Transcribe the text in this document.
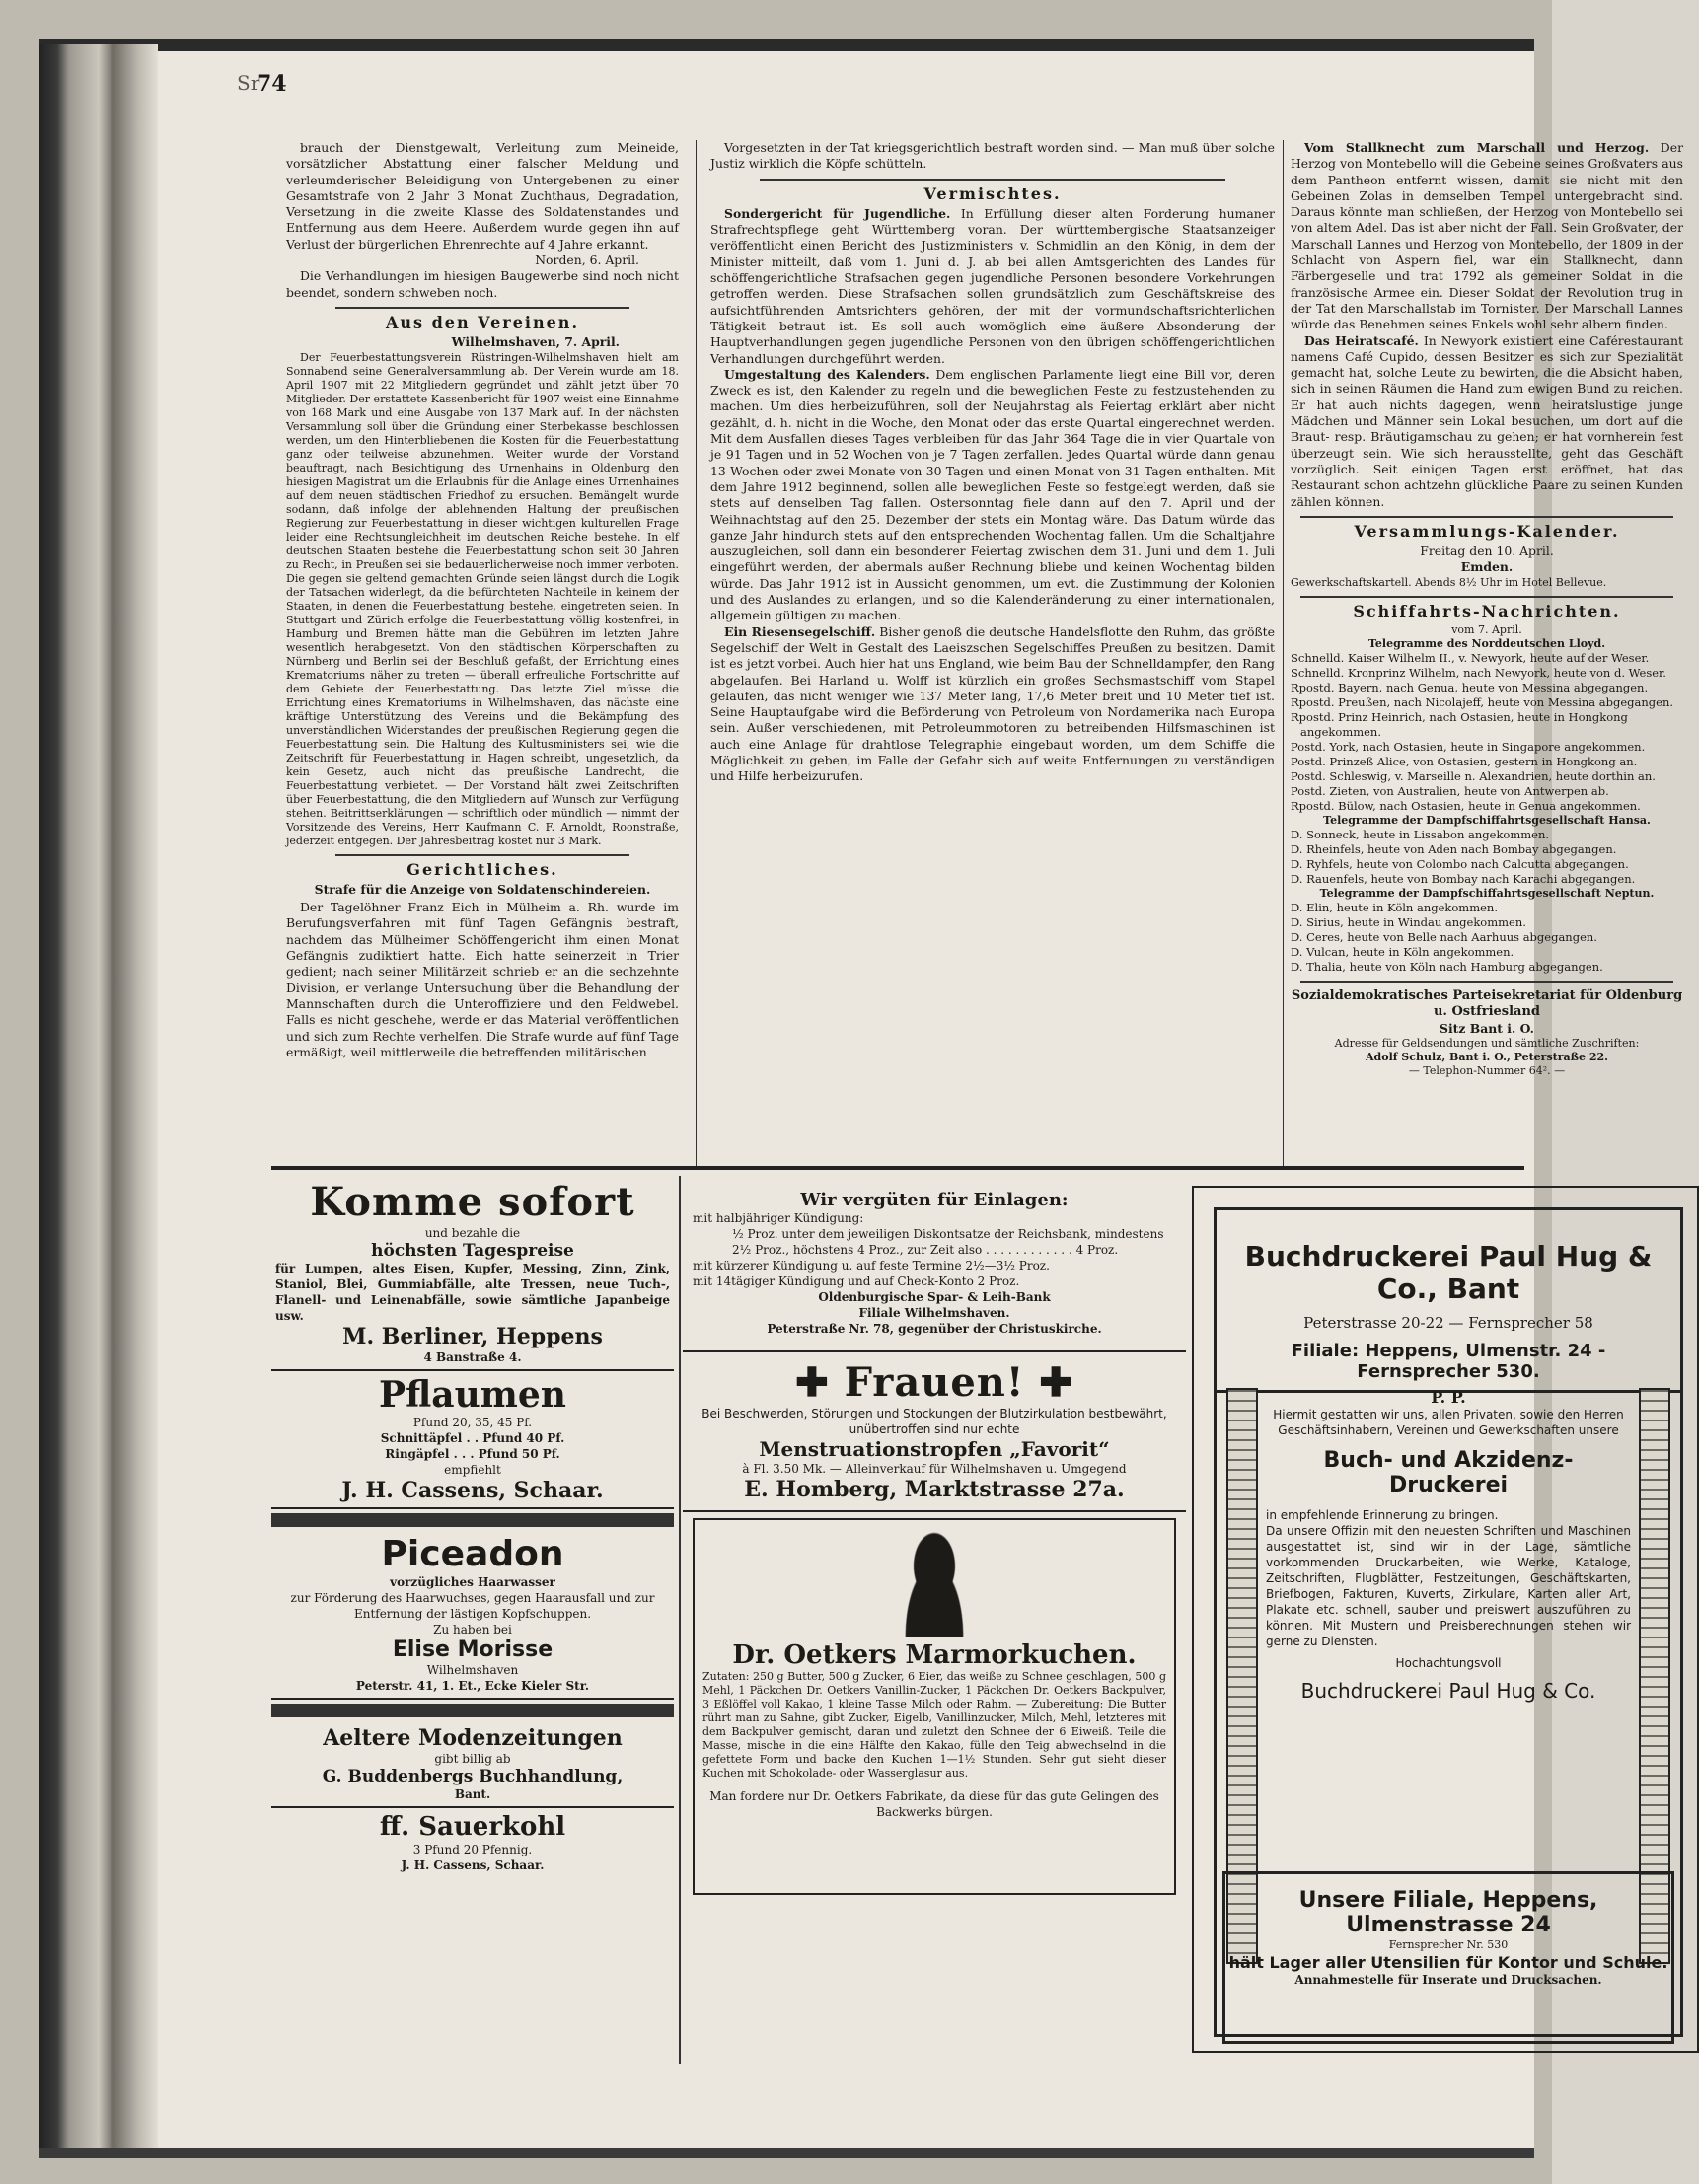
Sr
74

brauch der Dienstgewalt, Verleitung zum Meineide, vorsätzlicher Abstattung einer falscher Meldung und verleumderischer Beleidigung von Untergebenen zu einer Gesamtstrafe von 2 Jahr 3 Monat Zuchthaus, Degradation, Versetzung in die zweite Klasse des Soldatenstandes und Entfernung aus dem Heere. Außerdem wurde gegen ihn auf Verlust der bürgerlichen Ehrenrechte auf 4 Jahre erkannt.

Norden, 6. April.

Die Verhandlungen im hiesigen Baugewerbe sind noch nicht beendet, sondern schweben noch.

Aus den Vereinen.
Wilhelmshaven, 7. April.

Der Feuerbestattungsverein Rüstringen-Wilhelmshaven hielt am Sonnabend seine Generalversammlung ab. Der Verein wurde am 18. April 1907 mit 22 Mitgliedern gegründet und zählt jetzt über 70 Mitglieder. Der erstattete Kassenbericht für 1907 weist eine Einnahme von 168 Mark und eine Ausgabe von 137 Mark auf. In der nächsten Versammlung soll über die Gründung einer Sterbekasse beschlossen werden, um den Hinterbliebenen die Kosten für die Feuerbestattung ganz oder teilweise abzunehmen. Weiter wurde der Vorstand beauftragt, nach Besichtigung des Urnenhains in Oldenburg den hiesigen Magistrat um die Erlaubnis für die Anlage eines Urnenhaines auf dem neuen städtischen Friedhof zu ersuchen. Bemängelt wurde sodann, daß infolge der ablehnenden Haltung der preußischen Regierung zur Feuerbestattung in dieser wichtigen kulturellen Frage leider eine Rechtsungleichheit im deutschen Reiche bestehe. In elf deutschen Staaten bestehe die Feuerbestattung schon seit 30 Jahren zu Recht, in Preußen sei sie bedauerlicherweise noch immer verboten. Die gegen sie geltend gemachten Gründe seien längst durch die Logik der Tatsachen widerlegt, da die befürchteten Nachteile in keinem der Staaten, in denen die Feuerbestattung bestehe, eingetreten seien. In Stuttgart und Zürich erfolge die Feuerbestattung völlig kostenfrei, in Hamburg und Bremen hätte man die Gebühren im letzten Jahre wesentlich herabgesetzt. Von den städtischen Körperschaften zu Nürnberg und Berlin sei der Beschluß gefaßt, der Errichtung eines Krematoriums näher zu treten — überall erfreuliche Fortschritte auf dem Gebiete der Feuerbestattung. Das letzte Ziel müsse die Errichtung eines Krematoriums in Wilhelmshaven, das nächste eine kräftige Unterstützung des Vereins und die Bekämpfung des unverständlichen Widerstandes der preußischen Regierung gegen die Feuerbestattung sein. Die Haltung des Kultusministers sei, wie die Zeitschrift für Feuerbestattung in Hagen schreibt, ungesetzlich, da kein Gesetz, auch nicht das preußische Landrecht, die Feuerbestattung verbietet. — Der Vorstand hält zwei Zeitschriften über Feuerbestattung, die den Mitgliedern auf Wunsch zur Verfügung stehen. Beitrittserklärungen — schriftlich oder mündlich — nimmt der Vorsitzende des Vereins, Herr Kaufmann C. F. Arnoldt, Roonstraße, jederzeit entgegen. Der Jahresbeitrag kostet nur 3 Mark.

Gerichtliches.
Strafe für die Anzeige von Soldatenschindereien.

Der Tagelöhner Franz Eich in Mülheim a. Rh. wurde im Berufungsverfahren mit fünf Tagen Gefängnis bestraft, nachdem das Mülheimer Schöffengericht ihm einen Monat Gefängnis zudiktiert hatte. Eich hatte seinerzeit in Trier gedient; nach seiner Militärzeit schrieb er an die sechzehnte Division, er verlange Untersuchung über die Behandlung der Mannschaften durch die Unteroffiziere und den Feldwebel. Falls es nicht geschehe, werde er das Material veröffentlichen und sich zum Rechte verhelfen. Die Strafe wurde auf fünf Tage ermäßigt, weil mittlerweile die betreffenden militärischen

Vorgesetzten in der Tat kriegsgerichtlich bestraft worden sind. — Man muß über solche Justiz wirklich die Köpfe schütteln.

Vermischtes.

Sondergericht für Jugendliche. In Erfüllung dieser alten Forderung humaner Strafrechtspflege geht Württemberg voran. Der württembergische Staatsanzeiger veröffentlicht einen Bericht des Justizministers v. Schmidlin an den König, in dem der Minister mitteilt, daß vom 1. Juni d. J. ab bei allen Amtsgerichten des Landes für schöffengerichtliche Strafsachen gegen jugendliche Personen besondere Vorkehrungen getroffen werden. Diese Strafsachen sollen grundsätzlich zum Geschäftskreise des aufsichtführenden Amtsrichters gehören, der mit der vormundschaftsrichterlichen Tätigkeit betraut ist. Es soll auch womöglich eine äußere Absonderung der Hauptverhandlungen gegen jugendliche Personen von den übrigen schöffengerichtlichen Verhandlungen durchgeführt werden.

Umgestaltung des Kalenders. Dem englischen Parlamente liegt eine Bill vor, deren Zweck es ist, den Kalender zu regeln und die beweglichen Feste zu festzustehenden zu machen. Um dies herbeizuführen, soll der Neujahrstag als Feiertag erklärt aber nicht gezählt, d. h. nicht in die Woche, den Monat oder das erste Quartal eingerechnet werden. Mit dem Ausfallen dieses Tages verbleiben für das Jahr 364 Tage die in vier Quartale von je 91 Tagen und in 52 Wochen von je 7 Tagen zerfallen. Jedes Quartal würde dann genau 13 Wochen oder zwei Monate von 30 Tagen und einen Monat von 31 Tagen enthalten. Mit dem Jahre 1912 beginnend, sollen alle beweglichen Feste so festgelegt werden, daß sie stets auf denselben Tag fallen. Ostersonntag fiele dann auf den 7. April und der Weihnachtstag auf den 25. Dezember der stets ein Montag wäre. Das Datum würde das ganze Jahr hindurch stets auf den entsprechenden Wochentag fallen. Um die Schaltjahre auszugleichen, soll dann ein besonderer Feiertag zwischen dem 31. Juni und dem 1. Juli eingeführt werden, der abermals außer Rechnung bliebe und keinen Wochentag bilden würde. Das Jahr 1912 ist in Aussicht genommen, um evt. die Zustimmung der Kolonien und des Auslandes zu erlangen, und so die Kalenderänderung zu einer internationalen, allgemein gültigen zu machen.

Ein Riesensegelschiff. Bisher genoß die deutsche Handelsflotte den Ruhm, das größte Segelschiff der Welt in Gestalt des Laeiszschen Segelschiffes Preußen zu besitzen. Damit ist es jetzt vorbei. Auch hier hat uns England, wie beim Bau der Schnelldampfer, den Rang abgelaufen. Bei Harland u. Wolff ist kürzlich ein großes Sechsmastschiff vom Stapel gelaufen, das nicht weniger wie 137 Meter lang, 17,6 Meter breit und 10 Meter tief ist. Seine Hauptaufgabe wird die Beförderung von Petroleum von Nordamerika nach Europa sein. Außer verschiedenen, mit Petroleummotoren zu betreibenden Hilfsmaschinen ist auch eine Anlage für drahtlose Telegraphie eingebaut worden, um dem Schiffe die Möglichkeit zu geben, im Falle der Gefahr sich auf weite Entfernungen zu verständigen und Hilfe herbeizurufen.

Vom Stallknecht zum Marschall und Herzog. Der Herzog von Montebello will die Gebeine seines Großvaters aus dem Pantheon entfernt wissen, damit sie nicht mit den Gebeinen Zolas in demselben Tempel untergebracht sind. Daraus könnte man schließen, der Herzog von Montebello sei von altem Adel. Das ist aber nicht der Fall. Sein Großvater, der Marschall Lannes und Herzog von Montebello, der 1809 in der Schlacht von Aspern fiel, war ein Stallknecht, dann Färbergeselle und trat 1792 als gemeiner Soldat in die französische Armee ein. Dieser Soldat der Revolution trug in der Tat den Marschallstab im Tornister. Der Marschall Lannes würde das Benehmen seines Enkels wohl sehr albern finden.

Das Heiratscafé. In Newyork existiert eine Caférestaurant namens Café Cupido, dessen Besitzer es sich zur Spezialität gemacht hat, solche Leute zu bewirten, die die Absicht haben, sich in seinen Räumen die Hand zum ewigen Bund zu reichen. Er hat auch nichts dagegen, wenn heiratslustige junge Mädchen und Männer sein Lokal besuchen, um dort auf die Braut- resp. Bräutigamschau zu gehen; er hat vornherein fest überzeugt sein. Wie sich herausstellte, geht das Geschäft vorzüglich. Seit einigen Tagen erst eröffnet, hat das Restaurant schon achtzehn glückliche Paare zu seinen Kunden zählen können.

Versammlungs-Kalender.
Freitag den 10. April.
Emden.
Gewerkschaftskartell. Abends 8½ Uhr im Hotel Bellevue.
Schiffahrts-Nachrichten.
vom 7. April.
Telegramme des Norddeutschen Lloyd.
Schnelld. Kaiser Wilhelm II., v. Newyork, heute auf der Weser.
Schnelld. Kronprinz Wilhelm, nach Newyork, heute von d. Weser.
Rpostd. Bayern, nach Genua, heute von Messina abgegangen.
Rpostd. Preußen, nach Nicolajeff, heute von Messina abgegangen.
Rpostd. Prinz Heinrich, nach Ostasien, heute in Hongkong angekommen.
Postd. York, nach Ostasien, heute in Singapore angekommen.
Postd. Prinzeß Alice, von Ostasien, gestern in Hongkong an.
Postd. Schleswig, v. Marseille n. Alexandrien, heute dorthin an.
Postd. Zieten, von Australien, heute von Antwerpen ab.
Rpostd. Bülow, nach Ostasien, heute in Genua angekommen.
Telegramme der Dampfschiffahrtsgesellschaft Hansa.
D. Sonneck, heute in Lissabon angekommen.
D. Rheinfels, heute von Aden nach Bombay abgegangen.
D. Ryhfels, heute von Colombo nach Calcutta abgegangen.
D. Rauenfels, heute von Bombay nach Karachi abgegangen.
Telegramme der Dampfschiffahrtsgesellschaft Neptun.
D. Elin, heute in Köln angekommen.
D. Sirius, heute in Windau angekommen.
D. Ceres, heute von Belle nach Aarhuus abgegangen.
D. Vulcan, heute in Köln angekommen.
D. Thalia, heute von Köln nach Hamburg abgegangen.
Sozialdemokratisches Parteisekretariat für Oldenburg u. Ostfriesland
Sitz Bant i. O.
Adresse für Geldsendungen und sämtliche Zuschriften:
Adolf Schulz, Bant i. O., Peterstraße 22.
— Telephon-Nummer 64². —
Komme sofort
und bezahle die
höchsten Tagespreise
für Lumpen, altes Eisen, Kupfer, Messing, Zinn, Zink, Staniol, Blei, Gummiabfälle, alte Tressen, neue Tuch-, Flanell- und Leinenabfälle, sowie sämtliche Japanbeige usw.
M. Berliner, Heppens
4 Banstraße 4.
Pflaumen
Pfund 20, 35, 45 Pf.
Schnittäpfel . . Pfund 40 Pf.
Ringäpfel . . . Pfund 50 Pf.
empfiehlt
J. H. Cassens, Schaar.
Piceadon
vorzügliches Haarwasser
zur Förderung des Haarwuchses, gegen Haarausfall und zur Entfernung der lästigen Kopfschuppen.
Zu haben bei
Elise Morisse
Wilhelmshaven
Peterstr. 41, 1. Et., Ecke Kieler Str.
Aeltere Modenzeitungen
gibt billig ab
G. Buddenbergs Buchhandlung,
Bant.
ff. Sauerkohl
3 Pfund 20 Pfennig.
J. H. Cassens, Schaar.
Wir vergüten für Einlagen:
mit halbjähriger Kündigung:
½ Proz. unter dem jeweiligen Diskontsatze der Reichsbank, mindestens 2½ Proz., höchstens 4 Proz., zur Zeit also . . . . . . . . . . . . 4 Proz.
mit kürzerer Kündigung u. auf feste Termine 2½—3½ Proz.
mit 14tägiger Kündigung und auf Check-Konto 2 Proz.
Oldenburgische Spar- & Leih-Bank
Filiale Wilhelmshaven.
Peterstraße Nr. 78, gegenüber der Christuskirche.
✚ Frauen! ✚
Bei Beschwerden, Störungen und Stockungen der Blutzirkulation bestbewährt, unübertroffen sind nur echte
Menstruationstropfen „Favorit“
à Fl. 3.50 Mk. — Alleinverkauf für Wilhelmshaven u. Umgegend
E. Homberg, Marktstrasse 27a.
Dr. Oetkers Marmorkuchen.
Zutaten: 250 g Butter, 500 g Zucker, 6 Eier, das weiße zu Schnee geschlagen, 500 g Mehl, 1 Päckchen Dr. Oetkers Vanillin-Zucker, 1 Päckchen Dr. Oetkers Backpulver, 3 Eßlöffel voll Kakao, 1 kleine Tasse Milch oder Rahm. — Zubereitung: Die Butter rührt man zu Sahne, gibt Zucker, Eigelb, Vanillinzucker, Milch, Mehl, letzteres mit dem Backpulver gemischt, daran und zuletzt den Schnee der 6 Eiweiß. Teile die Masse, mische in die eine Hälfte den Kakao, fülle den Teig abwechselnd in die gefettete Form und backe den Kuchen 1—1½ Stunden. Sehr gut sieht dieser Kuchen mit Schokolade- oder Wasserglasur aus.
Man fordere nur Dr. Oetkers Fabrikate, da diese für das gute Gelingen des Backwerks bürgen.
Buchdruckerei Paul Hug & Co., Bant
Peterstrasse 20-22 — Fernsprecher 58
Filiale: Heppens, Ulmenstr. 24 - Fernsprecher 530.
P. P.
Hiermit gestatten wir uns, allen Privaten, sowie den Herren Geschäftsinhabern, Vereinen und Gewerkschaften unsere
Buch- und Akzidenz-Druckerei
in empfehlende Erinnerung zu bringen.
Da unsere Offizin mit den neuesten Schriften und Maschinen ausgestattet ist, sind wir in der Lage, sämtliche vorkommenden Druckarbeiten, wie Werke, Kataloge, Zeitschriften, Flugblätter, Festzeitungen, Geschäftskarten, Briefbogen, Fakturen, Kuverts, Zirkulare, Karten aller Art, Plakate etc. schnell, sauber und preiswert auszuführen zu können. Mit Mustern und Preisberechnungen stehen wir gerne zu Diensten.
Hochachtungsvoll
Buchdruckerei Paul Hug & Co.
Unsere Filiale, Heppens, Ulmenstrasse 24
Fernsprecher Nr. 530
hält Lager aller Utensilien für Kontor und Schule.
Annahmestelle für Inserate und Drucksachen.
